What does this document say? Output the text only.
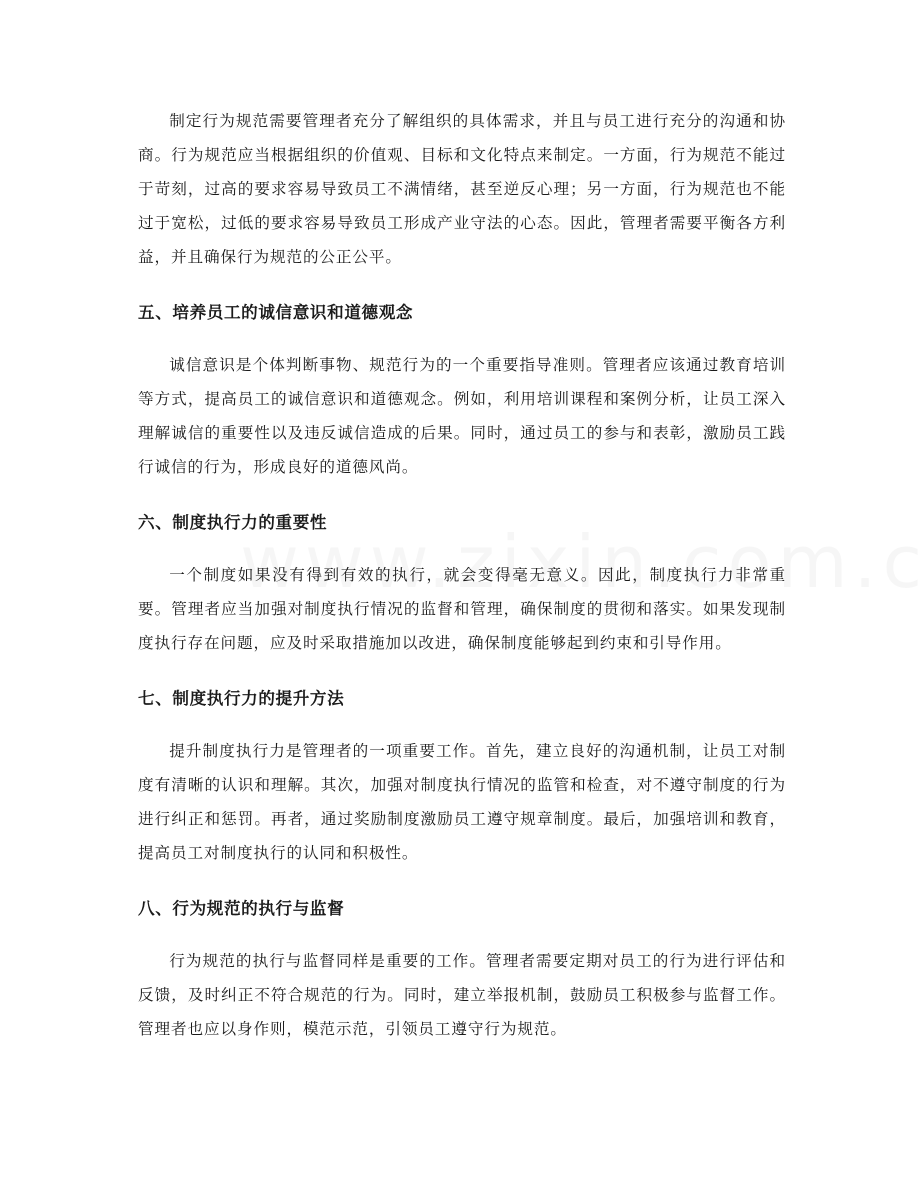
制定行为规范需要管理者充分了解组织的具体需求，并且与员工进行充分的沟通和协商。行为规范应当根据组织的价值观、目标和文化特点来制定。一方面，行为规范不能过于苛刻，过高的要求容易导致员工不满情绪，甚至逆反心理；另一方面，行为规范也不能过于宽松，过低的要求容易导致员工形成产业守法的心态。因此，管理者需要平衡各方利益，并且确保行为规范的公正公平。

五、培养员工的诚信意识和道德观念

诚信意识是个体判断事物、规范行为的一个重要指导准则。管理者应该通过教育培训等方式，提高员工的诚信意识和道德观念。例如，利用培训课程和案例分析，让员工深入理解诚信的重要性以及违反诚信造成的后果。同时，通过员工的参与和表彰，激励员工践行诚信的行为，形成良好的道德风尚。

六、制度执行力的重要性

一个制度如果没有得到有效的执行，就会变得毫无意义。因此，制度执行力非常重要。管理者应当加强对制度执行情况的监督和管理，确保制度的贯彻和落实。如果发现制度执行存在问题，应及时采取措施加以改进，确保制度能够起到约束和引导作用。

七、制度执行力的提升方法

提升制度执行力是管理者的一项重要工作。首先，建立良好的沟通机制，让员工对制度有清晰的认识和理解。其次，加强对制度执行情况的监管和检查，对不遵守制度的行为进行纠正和惩罚。再者，通过奖励制度激励员工遵守规章制度。最后，加强培训和教育，提高员工对制度执行的认同和积极性。

八、行为规范的执行与监督

行为规范的执行与监督同样是重要的工作。管理者需要定期对员工的行为进行评估和反馈，及时纠正不符合规范的行为。同时，建立举报机制，鼓励员工积极参与监督工作。管理者也应以身作则，模范示范，引领员工遵守行为规范。
